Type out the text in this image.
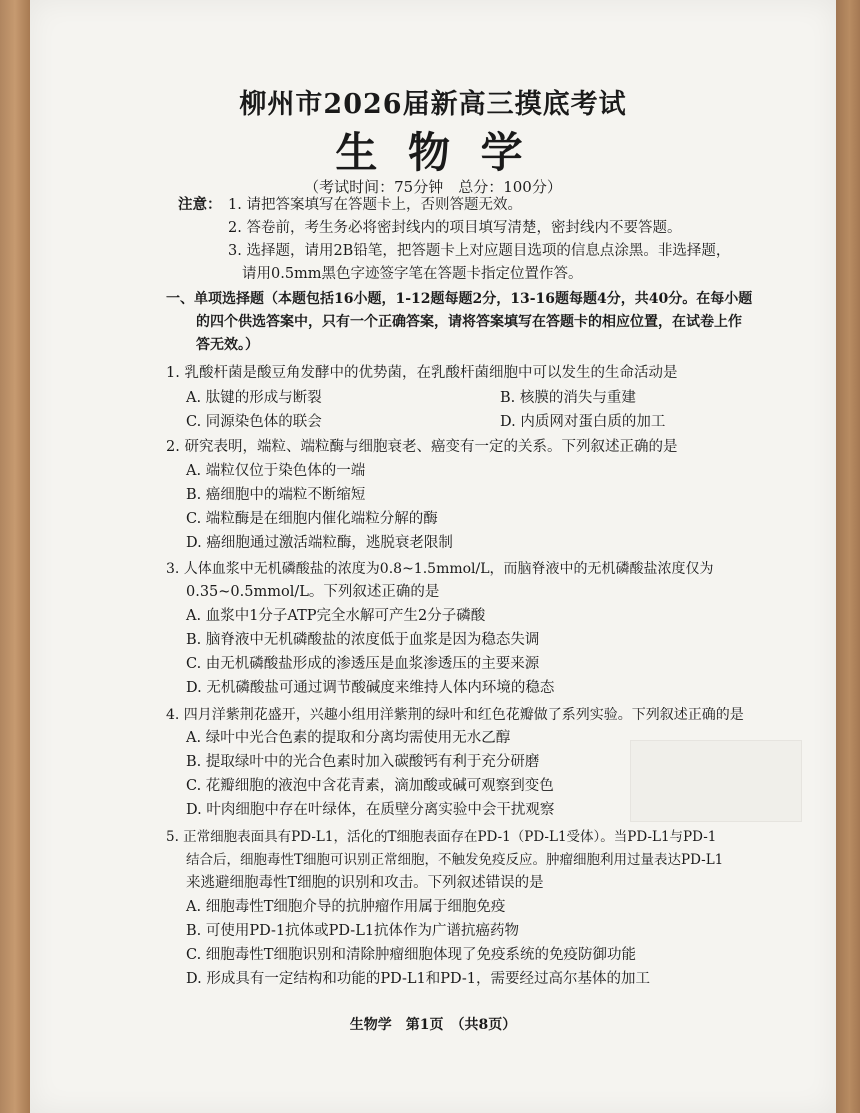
柳州市2026届新高三摸底考试
生 物 学
（考试时间：75分钟　总分：100分）
注意： 1. 请把答案填写在答题卡上，否则答题无效。
2. 答卷前，考生务必将密封线内的项目填写清楚，密封线内不要答题。
3. 选择题，请用2B铅笔，把答题卡上对应题目选项的信息点涂黑。非选择题，
请用0.5mm黑色字迹签字笔在答题卡指定位置作答。
一、单项选择题（本题包括16小题，1-12题每题2分，13-16题每题4分，共40分。在每小题
的四个供选答案中，只有一个正确答案，请将答案填写在答题卡的相应位置，在试卷上作
答无效。）
1. 乳酸杆菌是酸豆角发酵中的优势菌，在乳酸杆菌细胞中可以发生的生命活动是
A. 肽键的形成与断裂	B. 核膜的消失与重建
C. 同源染色体的联会	D. 内质网对蛋白质的加工
2. 研究表明，端粒、端粒酶与细胞衰老、癌变有一定的关系。下列叙述正确的是
A. 端粒仅位于染色体的一端
B. 癌细胞中的端粒不断缩短
C. 端粒酶是在细胞内催化端粒分解的酶
D. 癌细胞通过激活端粒酶，逃脱衰老限制
3. 人体血浆中无机磷酸盐的浓度为0.8~1.5mmol/L，而脑脊液中的无机磷酸盐浓度仅为
0.35~0.5mmol/L。下列叙述正确的是
A. 血浆中1分子ATP完全水解可产生2分子磷酸
B. 脑脊液中无机磷酸盐的浓度低于血浆是因为稳态失调
C. 由无机磷酸盐形成的渗透压是血浆渗透压的主要来源
D. 无机磷酸盐可通过调节酸碱度来维持人体内环境的稳态
4. 四月洋紫荆花盛开，兴趣小组用洋紫荆的绿叶和红色花瓣做了系列实验。下列叙述正确的是
A. 绿叶中光合色素的提取和分离均需使用无水乙醇
B. 提取绿叶中的光合色素时加入碳酸钙有利于充分研磨
C. 花瓣细胞的液泡中含花青素，滴加酸或碱可观察到变色
D. 叶肉细胞中存在叶绿体，在质壁分离实验中会干扰观察
5. 正常细胞表面具有PD-L1，活化的T细胞表面存在PD-1（PD-L1受体）。当PD-L1与PD-1
结合后，细胞毒性T细胞可识别正常细胞，不触发免疫反应。肿瘤细胞利用过量表达PD-L1
来逃避细胞毒性T细胞的识别和攻击。下列叙述错误的是
A. 细胞毒性T细胞介导的抗肿瘤作用属于细胞免疫
B. 可使用PD-1抗体或PD-L1抗体作为广谱抗癌药物
C. 细胞毒性T细胞识别和清除肿瘤细胞体现了免疫系统的免疫防御功能
D. 形成具有一定结构和功能的PD-L1和PD-1，需要经过高尔基体的加工
生物学　第1页　（共8页）
